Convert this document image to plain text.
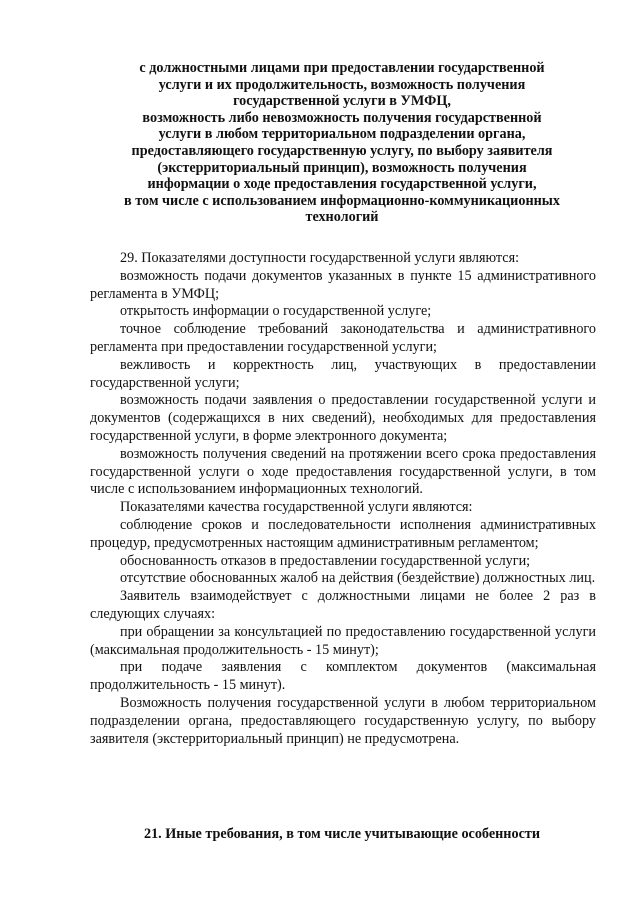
с должностными лицами при предоставлении государственной
услуги и их продолжительность, возможность получения
государственной услуги в УМФЦ,
возможность либо невозможность получения государственной
услуги в любом территориальном подразделении органа,
предоставляющего государственную услугу, по выбору заявителя
(экстерриториальный принцип), возможность получения
информации о ходе предоставления государственной услуги,
в том числе с использованием информационно-коммуникационных
технологий

29. Показателями доступности государственной услуги являются:

возможность подачи документов указанных в пункте 15 административного регламента в УМФЦ;

открытость информации о государственной услуге;

точное соблюдение требований законодательства и административного регламента при предоставлении государственной услуги;

вежливость и корректность лиц, участвующих в предоставлении государственной услуги;

возможность подачи заявления о предоставлении государственной услуги и документов (содержащихся в них сведений), необходимых для предоставления государственной услуги, в форме электронного документа;

возможность получения сведений на протяжении всего срока предоставления государственной услуги о ходе предоставления государственной услуги, в том числе с использованием информационных технологий.

Показателями качества государственной услуги являются:

соблюдение сроков и последовательности исполнения административных процедур, предусмотренных настоящим административным регламентом;

обоснованность отказов в предоставлении государственной услуги;

отсутствие обоснованных жалоб на действия (бездействие) должностных лиц.

Заявитель взаимодействует с должностными лицами не более 2 раз в следующих случаях:

при обращении за консультацией по предоставлению государственной услуги (максимальная продолжительность - 15 минут);

при подаче заявления с комплектом документов (максимальная продолжительность - 15 минут).

Возможность получения государственной услуги в любом территориальном подразделении органа, предоставляющего государственную услугу, по выбору заявителя (экстерриториальный принцип) не предусмотрена.

21. Иные требования, в том числе учитывающие особенности
